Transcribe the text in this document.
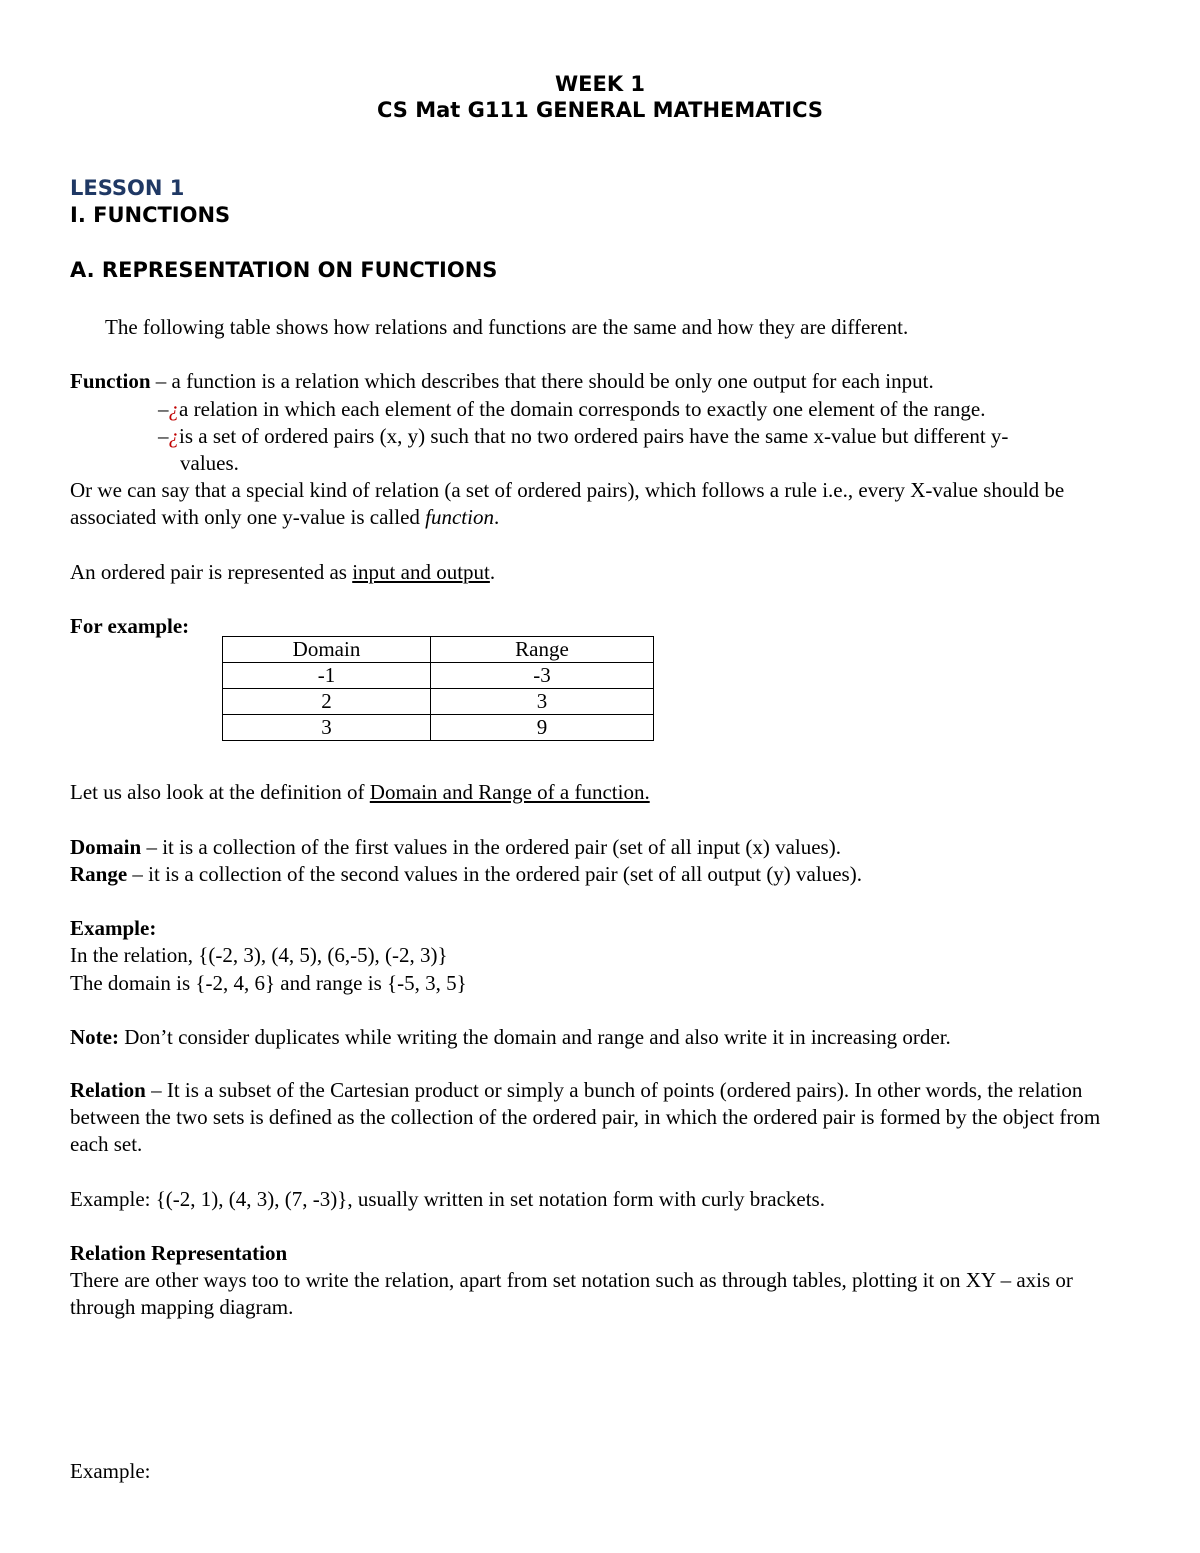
WEEK 1
CS Mat G111 GENERAL MATHEMATICS
LESSON 1
I. FUNCTIONS
A. REPRESENTATION ON FUNCTIONS
The following table shows how relations and functions are the same and how they are different.
Function – a function is a relation which describes that there should be only one output for each input.
–¿a relation in which each element of the domain corresponds to exactly one element of the range.
–¿is a set of ordered pairs (x, y) such that no two ordered pairs have the same x-value but different y-
values.
Or we can say that a special kind of relation (a set of ordered pairs), which follows a rule i.e., every X-value should be associated with only one y-value is called function.
An ordered pair is represented as input and output.
For example:
Domain	Range
-1	-3
2	3
3	9
Let us also look at the definition of Domain and Range of a function.
Domain – it is a collection of the first values in the ordered pair (set of all input (x) values).
Range – it is a collection of the second values in the ordered pair (set of all output (y) values).
Example:
In the relation, {(-2, 3), (4, 5), (6,-5), (-2, 3)}
The domain is {-2, 4, 6} and range is {-5, 3, 5}
Note: Don’t consider duplicates while writing the domain and range and also write it in increasing order.
Relation – It is a subset of the Cartesian product or simply a bunch of points (ordered pairs). In other words, the relation between the two sets is defined as the collection of the ordered pair, in which the ordered pair is formed by the object from each set.
Example: {(-2, 1), (4, 3), (7, -3)}, usually written in set notation form with curly brackets.
Relation Representation
There are other ways too to write the relation, apart from set notation such as through tables, plotting it on XY – axis or through mapping diagram.
Example:
